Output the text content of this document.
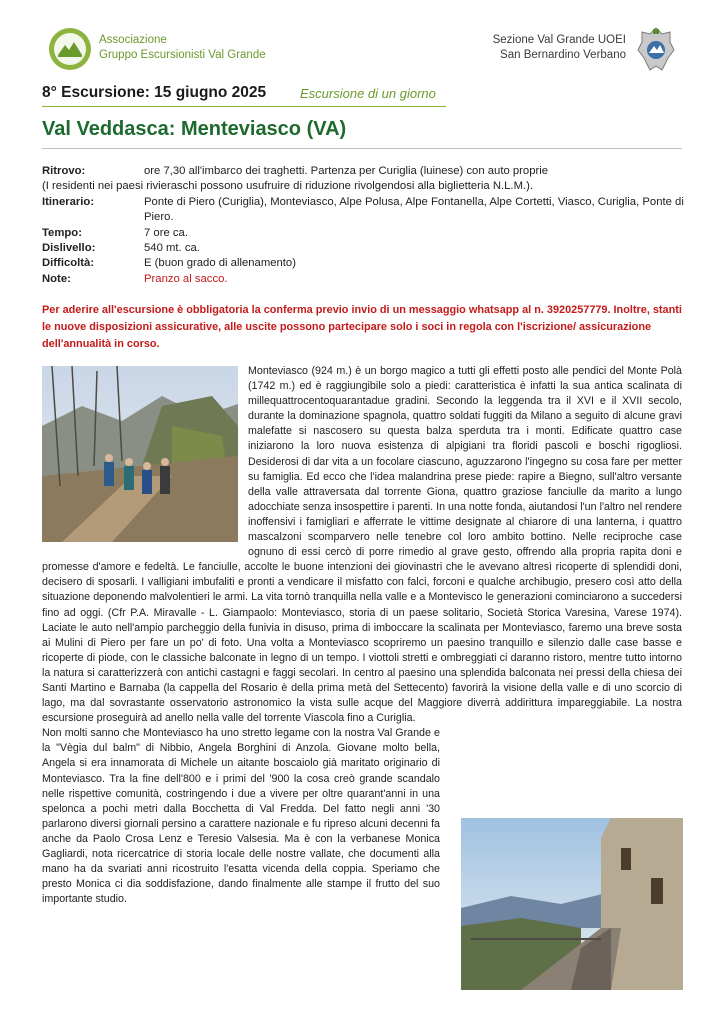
Associazione
Gruppo Escursionisti Val Grande
Sezione Val Grande UOEI
San Bernardino Verbano
8° Escursione: 15 giugno 2025	Escursione di un giorno
Val Veddasca: Menteviasco (VA)
Ritrovo:	ore 7,30 all'imbarco dei traghetti. Partenza per Curiglia (luinese) con auto proprie
(I residenti nei paesi rivieraschi possono usufruire di riduzione rivolgendosi alla biglietteria N.L.M.).
Itinerario:	Ponte di Piero (Curiglia), Monteviasco, Alpe Polusa, Alpe Fontanella, Alpe Cortetti, Viasco, Curiglia, Ponte di Piero.
Tempo:	7 ore ca.
Dislivello:	540 mt. ca.
Difficoltà:	E (buon grado di allenamento)
Note:	Pranzo al sacco.
Per aderire all'escursione è obbligatoria la conferma previo invio di un messaggio whatsapp al n. 3920257779. Inoltre, stanti le nuove disposizioni assicurative, alle uscite possono partecipare solo i soci in regola con l'iscrizione/ assicurazione dell'annualità in corso.

Monteviasco (924 m.) è un borgo magico a tutti gli effetti posto alle pendici del Monte Polà (1742 m.) ed è raggiungibile solo a piedi: caratteristica è infatti la sua antica scalinata di millequattrocentoquarantadue gradini. Secondo la leggenda tra il XVI e il XVII secolo, durante la dominazione spagnola, quattro soldati fuggiti da Milano a seguito di alcune gravi malefatte si nascosero su questa balza sperduta tra i monti. Edificate quattro case iniziarono la loro nuova esistenza di alpigiani tra floridi pascoli e boschi rigogliosi. Desiderosi di dar vita a un focolare ciascuno, aguzzarono l'ingegno su cosa fare per metter su famiglia. Ed ecco che l'idea malandrina prese piede: rapire a Biegno, sull'altro versante della valle attraversata dal torrente Giona, quattro graziose fanciulle da marito a lungo adocchiate senza insospettire i parenti. In una notte fonda, aiutandosi l'un l'altro nel rendere inoffensivi i famigliari e afferrate le vittime designate al chiarore di una lanterna, i quattro mascalzoni scomparvero nelle tenebre col loro ambito bottino. Nelle reciproche case ognuno di essi cercò di porre rimedio al grave gesto, offrendo alla propria rapita doni e promesse d'amore e fedeltà. Le fanciulle, accolte le buone intenzioni dei giovinastri che le avevano altresì ricoperte di splendidi doni, decisero di sposarli. I valligiani imbufaliti e pronti a vendicare il misfatto con falci, forconi e qualche archibugio, presero così atto della situazione deponendo malvolentieri le armi. La vita tornò tranquilla nella valle e a Montevisco le generazioni cominciarono a succedersi fino ad oggi. (Cfr P.A. Miravalle - L. Giampaolo: Monteviasco, storia di un paese solitario, Società Storica Varesina, Varese 1974). Laciate le auto nell'ampio parcheggio della funivia in disuso, prima di imboccare la scalinata per Monteviasco, faremo una breve sosta ai Mulini di Piero per fare un po' di foto. Una volta a Monteviasco scopriremo un paesino tranquillo e silenzio dalle case basse e ricoperte di piode, con le classiche balconate in legno di un tempo. I viottoli stretti e ombreggiati ci daranno ristoro, mentre tutto intorno la natura si caratterizzerà con antichi castagni e faggi secolari. In centro al paesino una splendida balconata nei pressi della chiesa dei Santi Martino e Barnaba (la cappella del Rosario è della prima metà del Settecento) favorirà la visione della valle e di uno scorcio di lago, ma dal sovrastante osservatorio astronomico la vista sulle acque del Maggiore diverrà addirittura impareggiabile. La nostra escursione proseguirà ad anello nella valle del torrente Viascola fino a Curiglia.

Non molti sanno che Monteviasco ha uno stretto legame con la nostra Val Grande e la "Vègia dul balm" di Nibbio, Angela Borghini di Anzola. Giovane molto bella, Angela si era innamorata di Michele un aitante boscaiolo già maritato originario di Monteviasco. Tra la fine dell'800 e i primi del '900 la cosa creò grande scandalo nelle rispettive comunità, costringendo i due a vivere per oltre quarant'anni in una spelonca a pochi metri dalla Bocchetta di Val Fredda. Del fatto negli anni '30 parlarono diversi giornali persino a carattere nazionale e fu ripreso alcuni decenni fa anche da Paolo Crosa Lenz e Teresio Valsesia. Ma è con la verbanese Monica Gagliardi, nota ricercatrice di storia locale delle nostre vallate, che documenti alla mano ha da svariati anni ricostruito l'esatta vicenda della coppia. Speriamo che presto Monica ci dia soddisfazione, dando finalmente alle stampe il frutto del suo importante studio.
